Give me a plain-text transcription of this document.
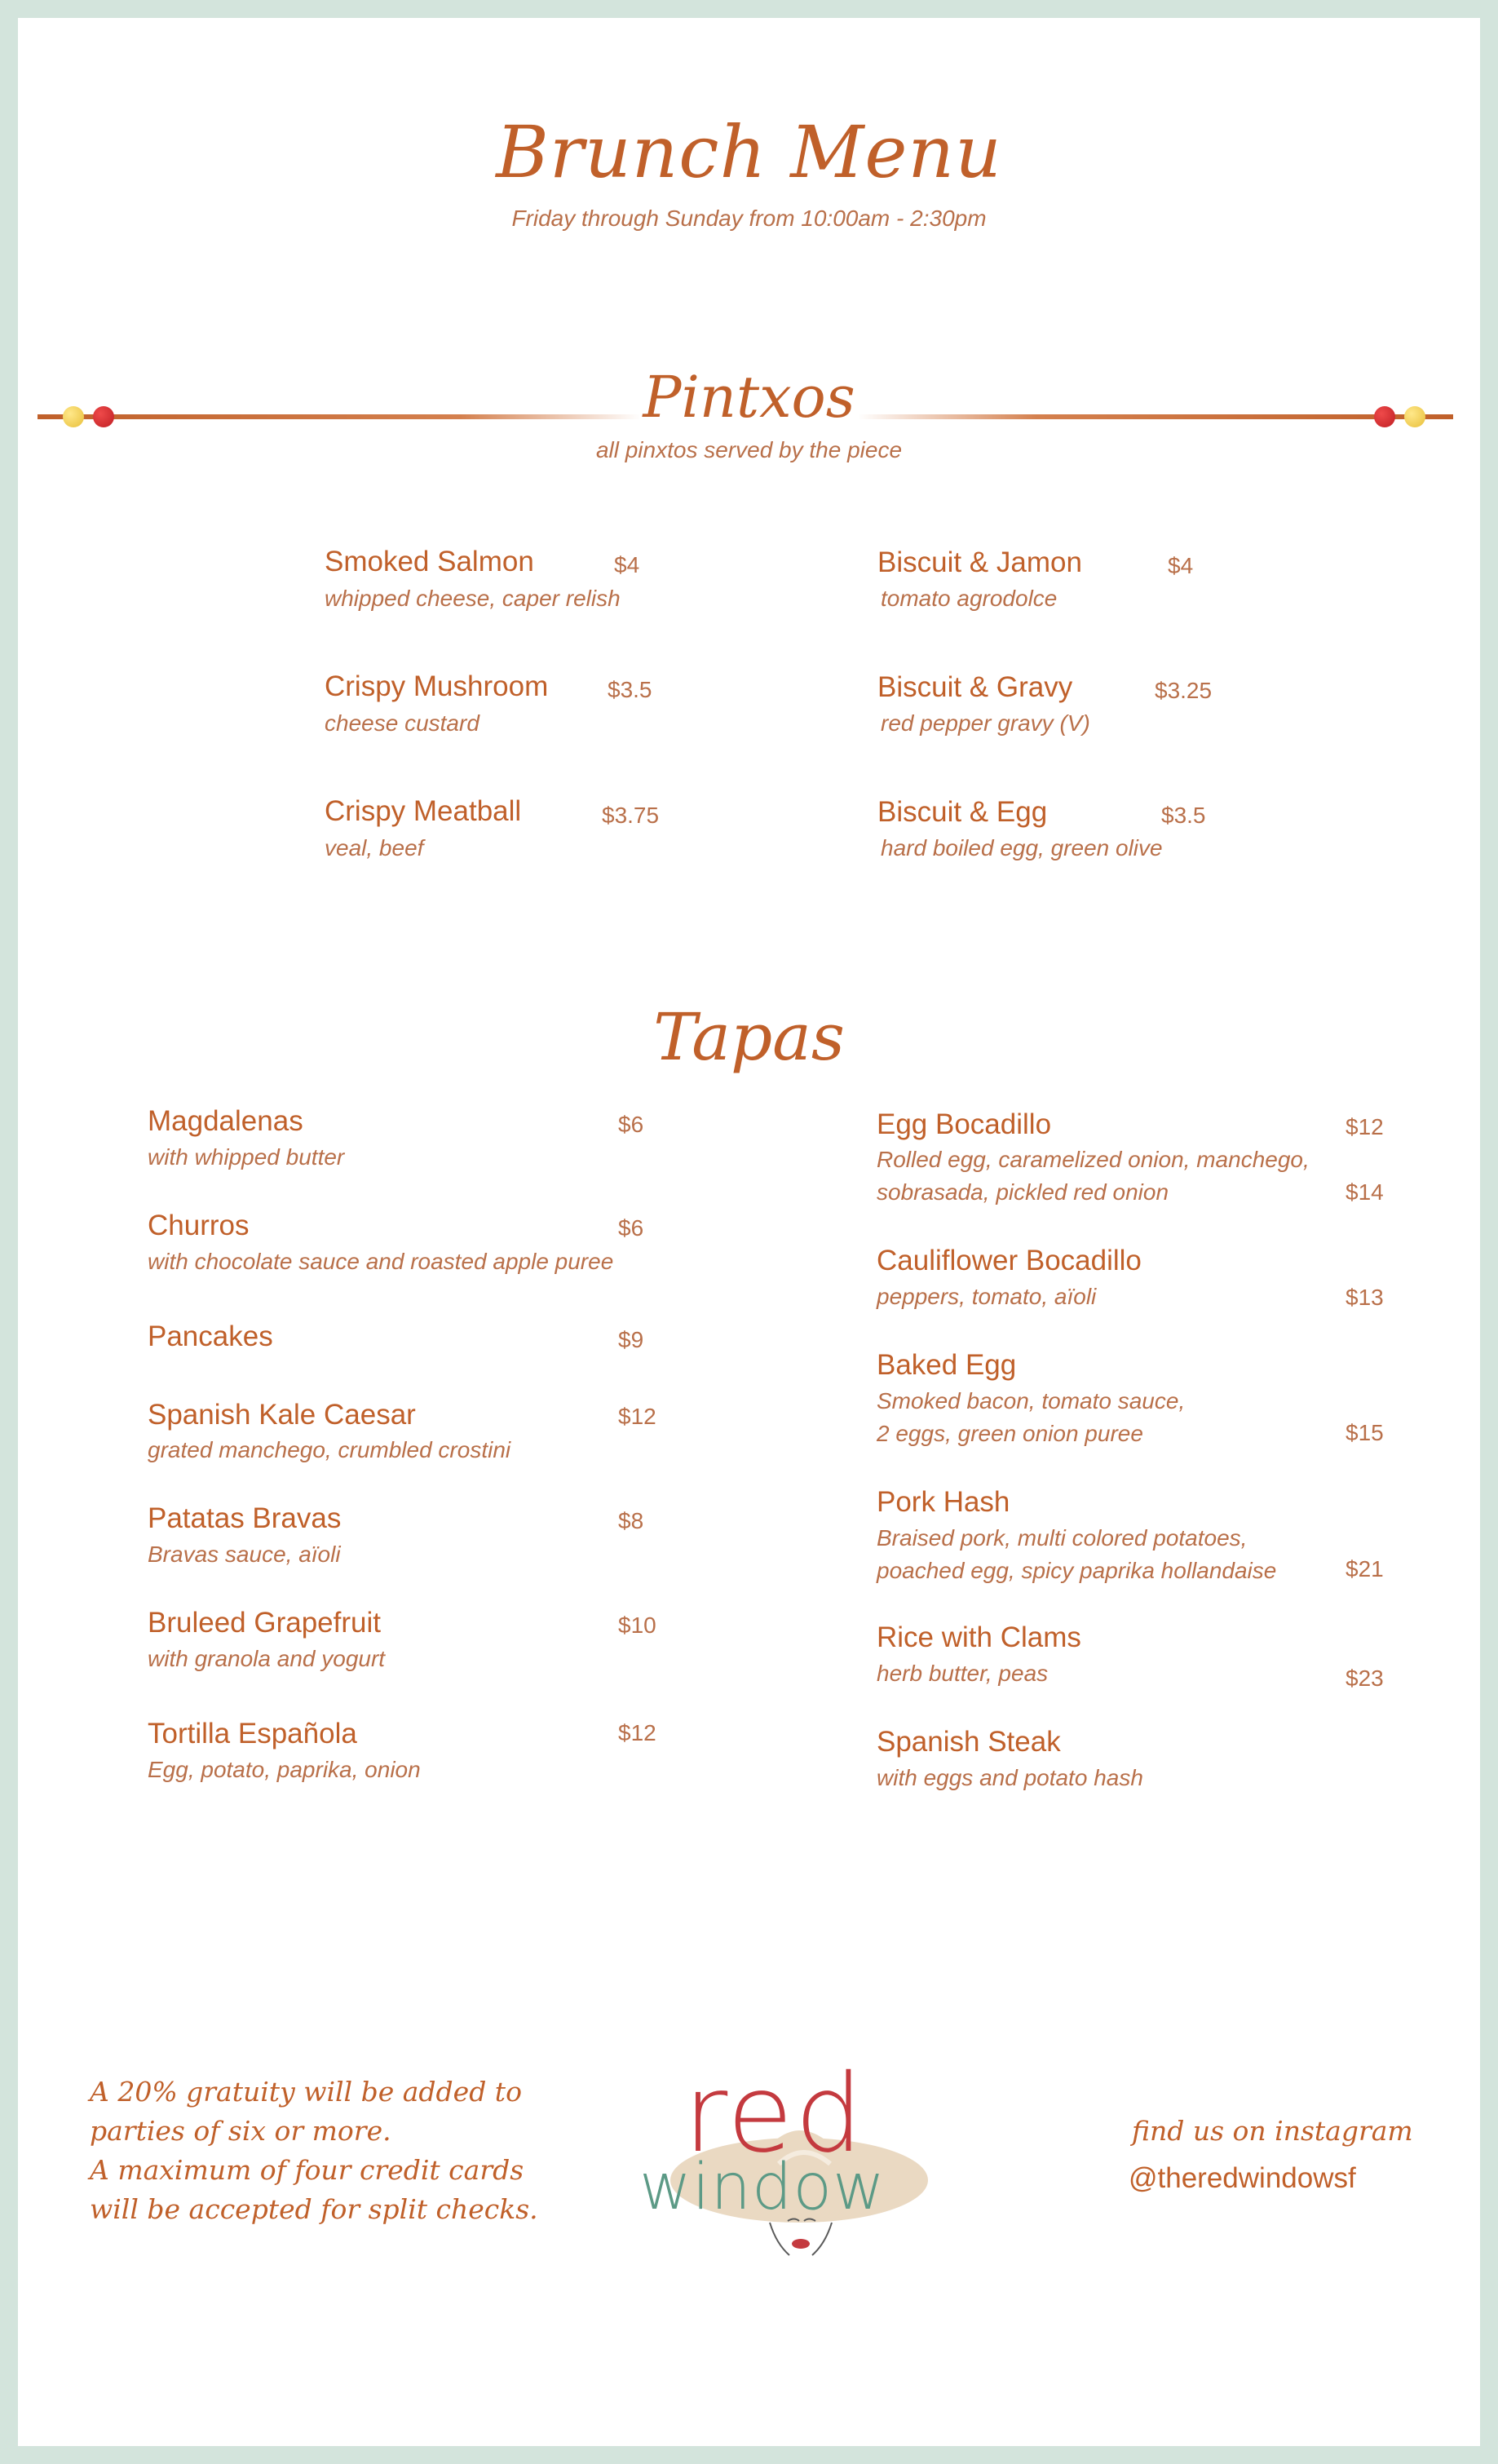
Brunch Menu
Friday through Sunday from 10:00am - 2:30pm
Pintxos
all pinxtos served by the piece
Smoked Salmon	$4
whipped cheese, caper relish
Crispy Mushroom	$3.5
cheese custard
Crispy Meatball	$3.75
veal, beef
Biscuit & Jamon	$4
tomato agrodolce
Biscuit & Gravy	$3.25
red pepper gravy (V)
Biscuit & Egg	$3.5
hard boiled egg, green olive
Tapas
Magdalenas	$6
with whipped butter
Churros	$6
with chocolate sauce and roasted apple puree
Pancakes	$9
Spanish Kale Caesar	$12
grated manchego, crumbled crostini
Patatas Bravas	$8
Bravas sauce, aïoli
Bruleed Grapefruit	$10
with granola and yogurt
Tortilla Española	$12
Egg, potato, paprika, onion
Egg Bocadillo	$12
Rolled egg, caramelized onion, manchego,
sobrasada, pickled red onion	$14
Cauliflower Bocadillo
peppers, tomato, aïoli	$13
Baked Egg
Smoked bacon, tomato sauce,
2 eggs, green onion puree	$15
Pork Hash
Braised pork, multi colored potatoes,
poached egg, spicy paprika hollandaise	$21
Rice with Clams
herb butter, peas	$23
Spanish Steak
with eggs and potato hash
A 20% gratuity will be added to
parties of six or more.
A maximum of four credit cards
will be accepted for split checks.
red
window
find us on instagram
@theredwindowsf
